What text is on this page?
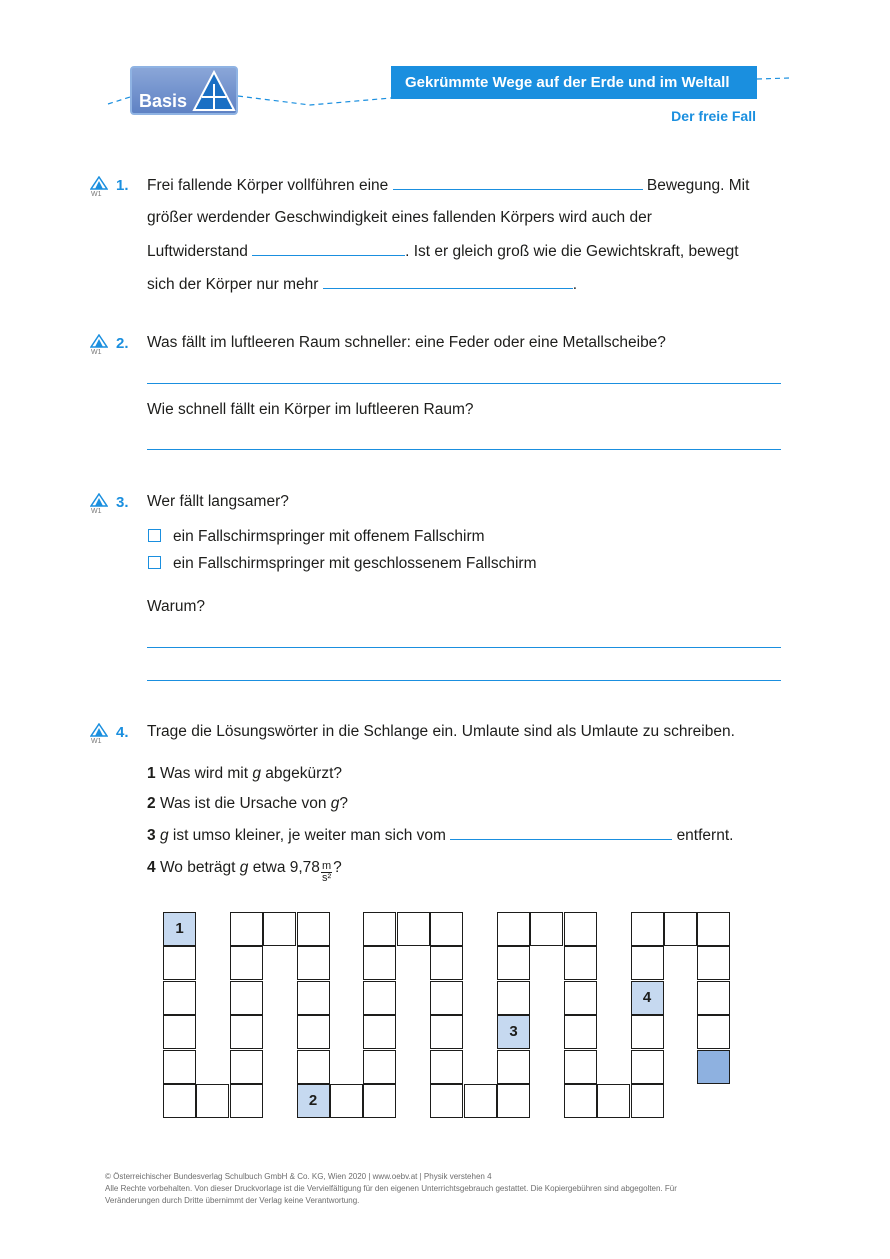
Basis
Gekrümmte Wege auf der Erde und im Weltall
Der freie Fall
W1
1. Frei fallende Körper vollführen eine	Bewegung. Mit
größer werdender Geschwindigkeit eines fallenden Körpers wird auch der
Luftwiderstand	. Ist er gleich groß wie die Gewichtskraft, bewegt
sich der Körper nur mehr	.
W1
2. Was fällt im luftleeren Raum schneller: eine Feder oder eine Metallscheibe?
Wie schnell fällt ein Körper im luftleeren Raum?
W1
3. Wer fällt langsamer?
ein Fallschirmspringer mit offenem Fallschirm
ein Fallschirmspringer mit geschlossenem Fallschirm
Warum?
W1
4. Trage die Lösungswörter in die Schlange ein. Umlaute sind als Umlaute zu schreiben.
1 Was wird mit g abgekürzt?
2 Was ist die Ursache von g?
3 g ist umso kleiner, je weiter man sich vom	entfernt.
4 Wo beträgt g etwa $9,78 \frac{m}{\text{s²}}$ ?
1
2
3
4
© Österreichischer Bundesverlag Schulbuch GmbH & Co. KG, Wien 2020 | www.oebv.at | Physik verstehen 4
Alle Rechte vorbehalten. Von dieser Druckvorlage ist die Vervielfältigung für den eigenen Unterrichtsgebrauch gestattet. Die Kopiergebühren sind abgegolten. Für
Veränderungen durch Dritte übernimmt der Verlag keine Verantwortung.
